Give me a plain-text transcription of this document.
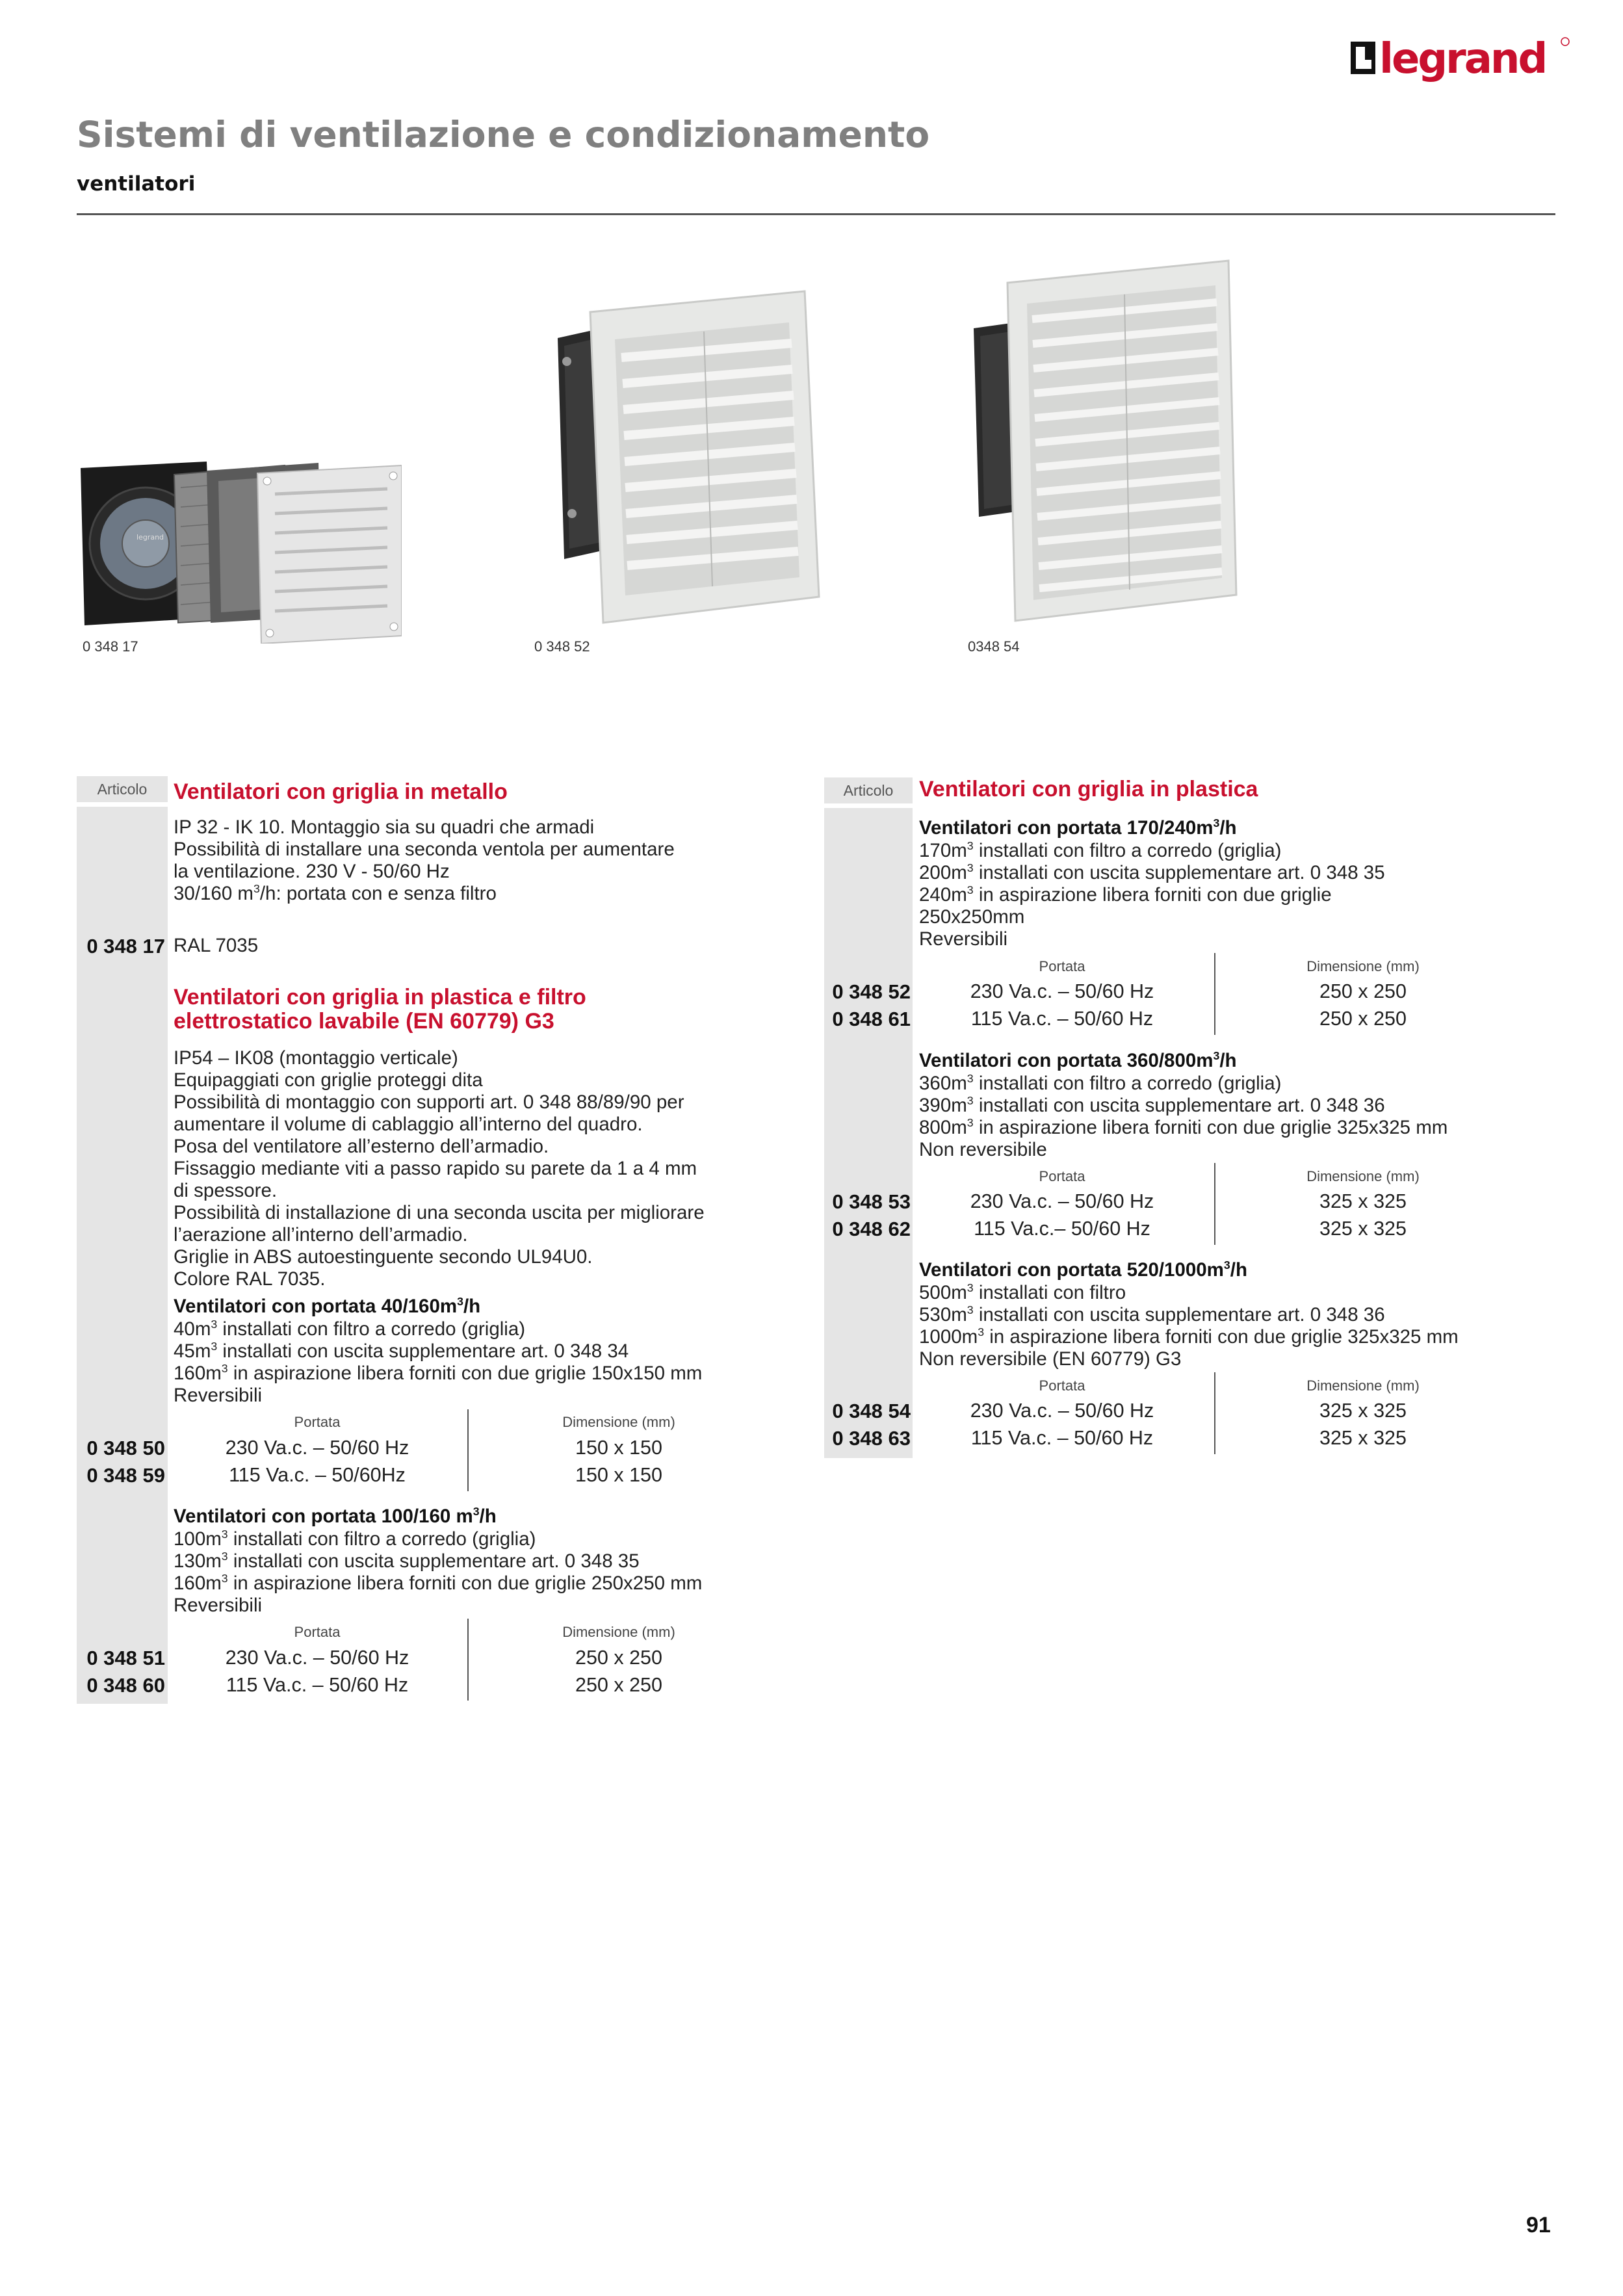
legrand
Sistemi di ventilazione e condizionamento
ventilatori
legrand
0 348 17	0 348 52	0348 54
Articolo	Ventilatori con griglia in metallo
IP 32 - IK 10. Montaggio sia su quadri che armadi
Possibilità di installare una seconda ventola per aumentare
la ventilazione. 230 V - 50/60 Hz
30/160 $m^3/h$: portata con e senza filtro
0 348 17 RAL 7035
Ventilatori con griglia in plastica e filtro
elettrostatico lavabile (EN 60779) G3
IP54 – IK08 (montaggio verticale)
Equipaggiati con griglie proteggi dita
Possibilità di montaggio con supporti art. 0 348 88/89/90 per
aumentare il volume di cablaggio all’interno del quadro.
Posa del ventilatore all’esterno dell’armadio.
Fissaggio mediante viti a passo rapido su parete da 1 a 4 mm
di spessore.
Possibilità di installazione di una seconda uscita per migliorare
l’aerazione all’interno dell’armadio.
Griglie in ABS autoestinguente secondo UL94U0.
Colore RAL 7035.
Ventilatori con portata $40/160m^3/h$
$40m^3$ installati con filtro a corredo (griglia)
$45m^3$ installati con uscita supplementare art. 0 348 34
$160m^3$ in aspirazione libera forniti con due griglie 150x150 mm
Reversibili
Portata	Dimensione (mm)
0 348 50	230 Va.c. – 50/60 Hz	150 x 150
0 348 59	115 Va.c. – 50/60Hz	150 x 150
Ventilatori con portata 100/160 $m^3/h$
$100m^3$ installati con filtro a corredo (griglia)
$130m^3$ installati con uscita supplementare art. 0 348 35
$160m^3$ in aspirazione libera forniti con due griglie 250x250 mm
Reversibili
Portata	Dimensione (mm)
0 348 51	230 Va.c. – 50/60 Hz	250 x 250
0 348 60	115 Va.c. – 50/60 Hz	250 x 250
Articolo	Ventilatori con griglia in plastica
Ventilatori con portata $170/240m^3/h$
$170m^3$ installati con filtro a corredo (griglia)
$200m^3$ installati con uscita supplementare art. 0 348 35
$240m^3$ in aspirazione libera forniti con due griglie
250x250mm
Reversibili
Portata	Dimensione (mm)
0 348 52	230 Va.c. – 50/60 Hz	250 x 250
0 348 61	115 Va.c. – 50/60 Hz	250 x 250
Ventilatori con portata $360/800m^3/h$
$360m^3$ installati con filtro a corredo (griglia)
$390m^3$ installati con uscita supplementare art. 0 348 36
$800m^3$ in aspirazione libera forniti con due griglie 325x325 mm
Non reversibile
Portata	Dimensione (mm)
0 348 53	230 Va.c. – 50/60 Hz	325 x 325
0 348 62	115 Va.c.– 50/60 Hz	325 x 325
Ventilatori con portata $520/1000m^3/h$
$500m^3$ installati con filtro
$530m^3$ installati con uscita supplementare art. 0 348 36
$1000m^3$ in aspirazione libera forniti con due griglie 325x325 mm
Non reversibile (EN 60779) G3
Portata	Dimensione (mm)
0 348 54	230 Va.c. – 50/60 Hz	325 x 325
0 348 63	115 Va.c. – 50/60 Hz	325 x 325
91
